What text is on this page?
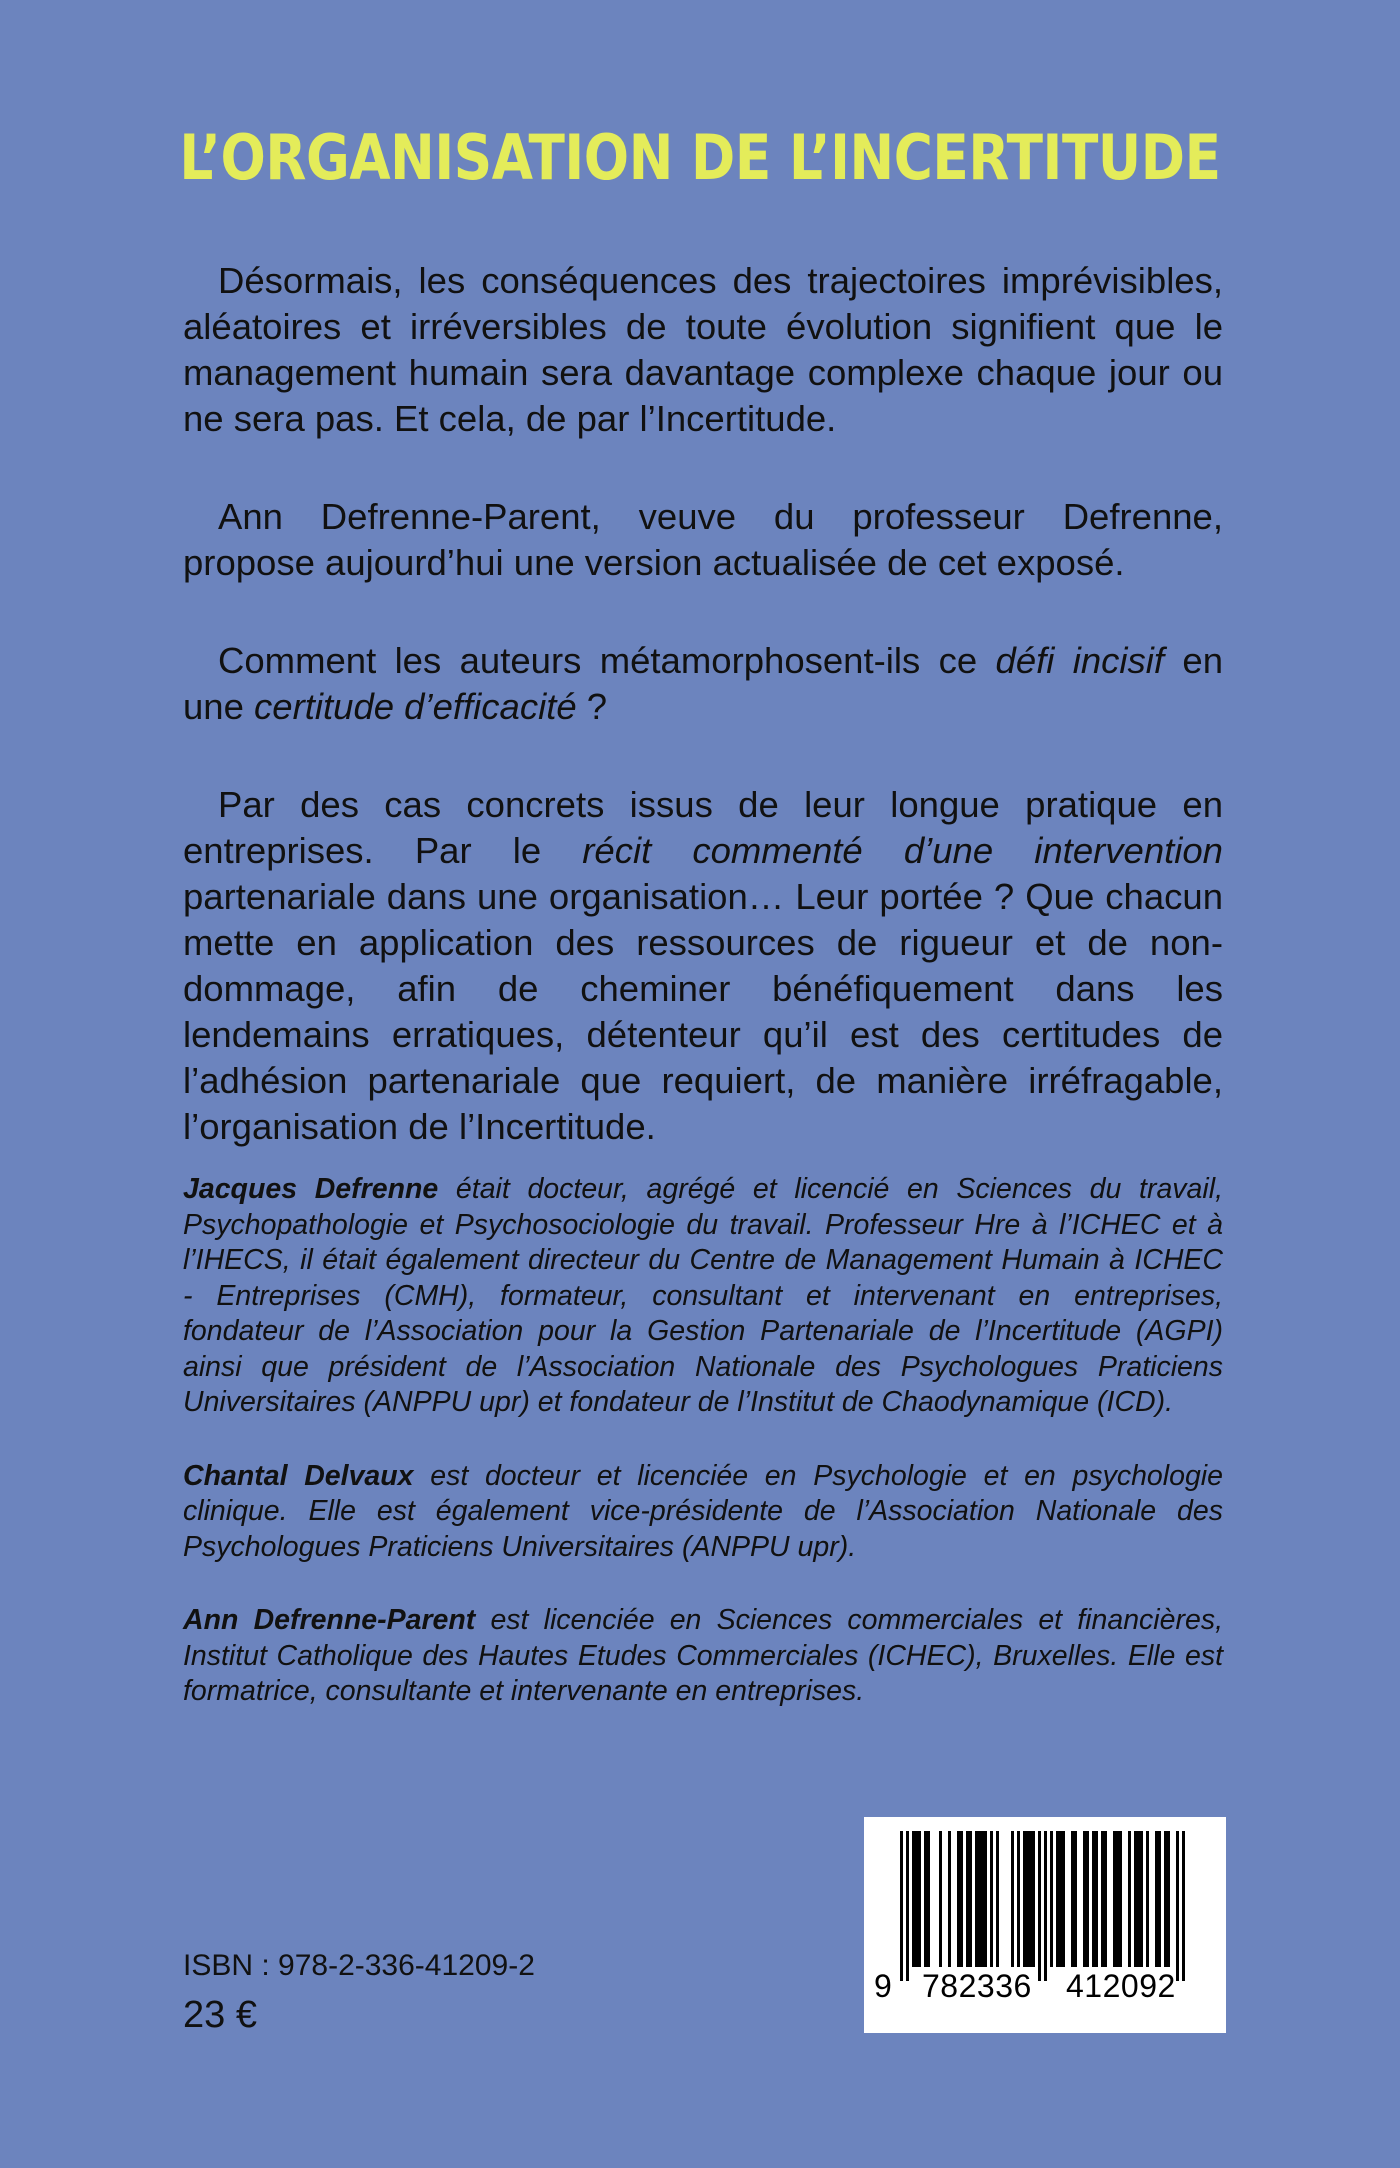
L’ORGANISATION DE L’INCERTITUDE

Désormais, les conséquences des trajectoires imprévisibles, aléatoires et irréversibles de toute évolution signifient que le management humain sera davantage complexe chaque jour ou ne sera pas. Et cela, de par l’Incertitude.

Ann Defrenne-Parent, veuve du professeur Defrenne, propose aujourd’hui une version actualisée de cet exposé.

Comment les auteurs métamorphosent-ils ce défi incisif en une certitude d’efficacité ?

Par des cas concrets issus de leur longue pratique en entreprises. Par le récit commenté d’une intervention partenariale dans une organisation… Leur portée ? Que chacun mette en application des ressources de rigueur et de non-dommage, afin de cheminer bénéfiquement dans les lendemains erratiques, détenteur qu’il est des certitudes de l’adhésion partenariale que requiert, de manière irréfragable, l’organisation de l’Incertitude.

Jacques Defrenne était docteur, agrégé et licencié en Sciences du travail, Psychopathologie et Psychosociologie du travail. Professeur Hre à l’ICHEC et à l’IHECS, il était également directeur du Centre de Management Humain à ICHEC - Entreprises (CMH), formateur, consultant et intervenant en entreprises, fondateur de l’Association pour la Gestion Partenariale de l’Incertitude (AGPI) ainsi que président de l’Association Nationale des Psychologues Praticiens Universitaires (ANPPU upr) et fondateur de l’Institut de Chaodynamique (ICD).

Chantal Delvaux est docteur et licenciée en Psychologie et en psychologie clinique. Elle est également vice-présidente de l’Association Nationale des Psychologues Praticiens Universitaires (ANPPU upr).

Ann Defrenne-Parent est licenciée en Sciences commerciales et financières, Institut Catholique des Hautes Etudes Commerciales (ICHEC), Bruxelles. Elle est formatrice, consultante et intervenante en entreprises.

ISBN : 978-2-336-41209-2
23 €
9 782336 412092
